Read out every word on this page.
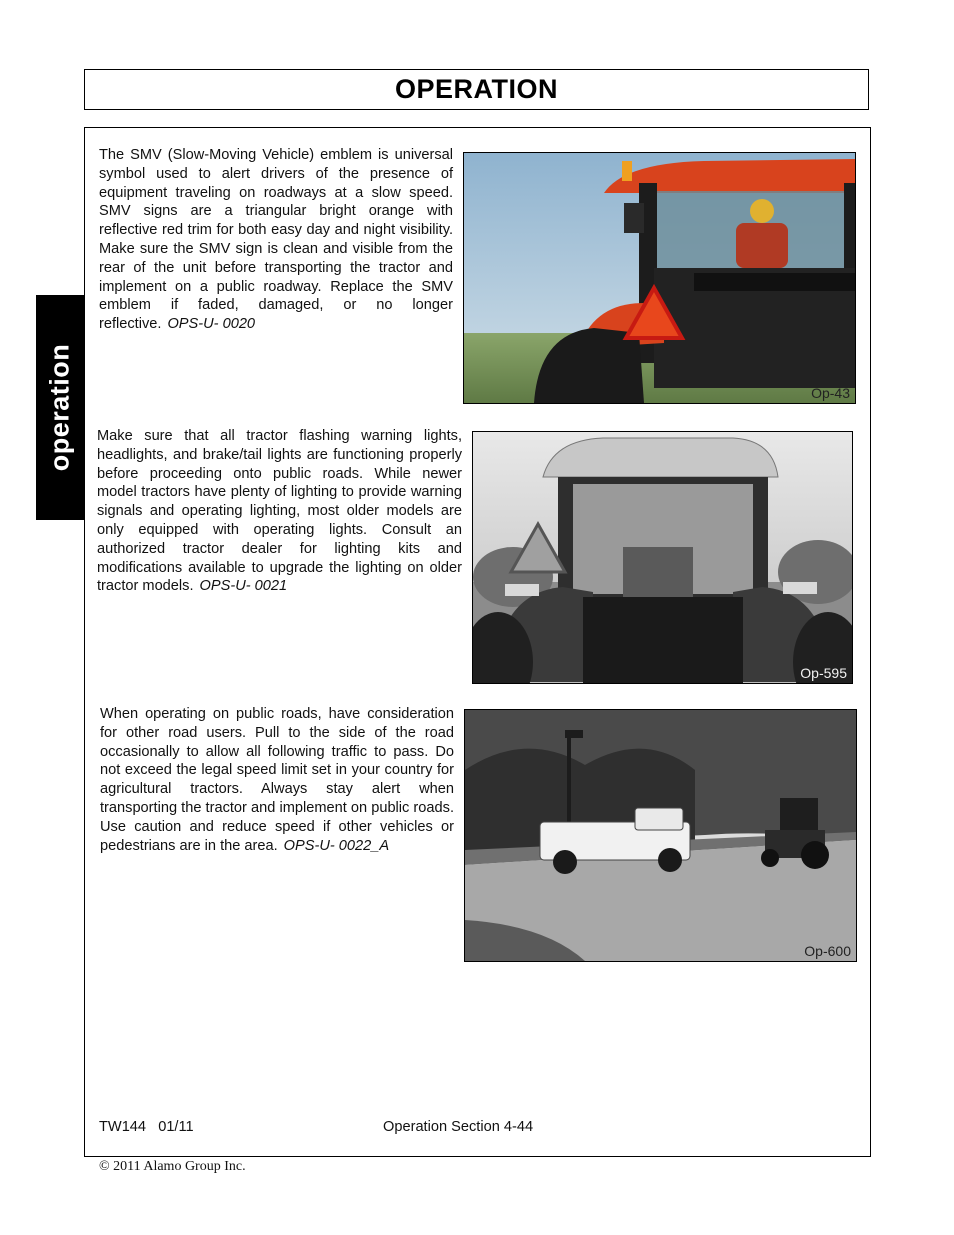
OPERATION
operation
The SMV (Slow-Moving Vehicle) emblem is universal symbol used to alert drivers of the presence of equipment traveling on roadways at a slow speed. SMV signs are a triangular bright orange with reflective red trim for both easy day and night visibility. Make sure the SMV sign is clean and visible from the rear of the unit before transporting the tractor and implement on a public roadway. Replace the SMV emblem if faded, damaged, or no longer reflective. OPS-U- 0020
Op-43
Make sure that all tractor flashing warning lights, headlights, and brake/tail lights are functioning properly before proceeding onto public roads. While newer model tractors have plenty of lighting to provide warning signals and operating lighting, most older models are only equipped with operating lights. Consult an authorized tractor dealer for lighting kits and modifications available to upgrade the lighting on older tractor models. OPS-U- 0021
Op-595
When operating on public roads, have consideration for other road users. Pull to the side of the road occasionally to allow all following traffic to pass. Do not exceed the legal speed limit set in your country for agricultural tractors. Always stay alert when transporting the tractor and implement on public roads. Use caution and reduce speed if other vehicles or pedestrians are in the area. OPS-U- 0022_A
Op-600
TW144   01/11	Operation Section 4-44
© 2011 Alamo Group Inc.
